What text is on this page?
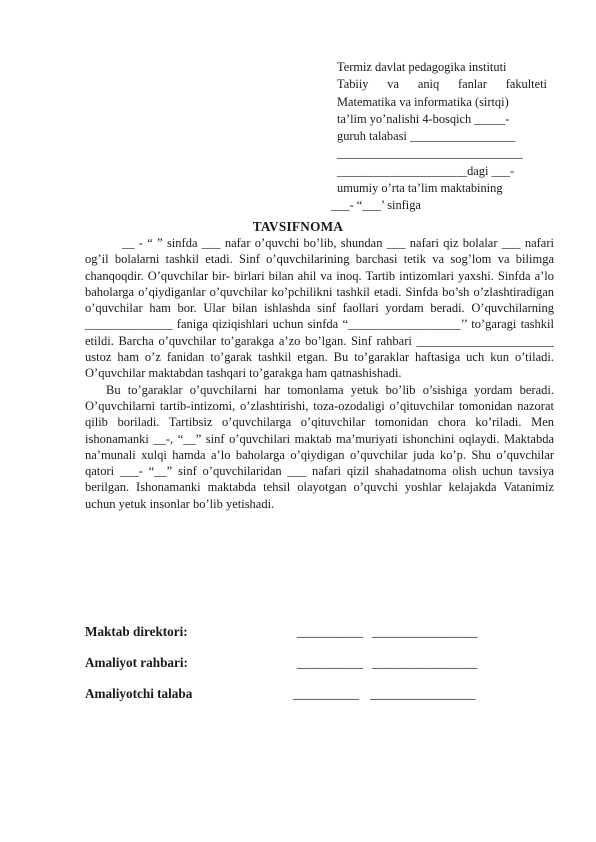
Termiz davlat pedagogika instituti
Tabiiy va aniq fanlar fakulteti
Matematika va informatika (sirtqi)
ta’lim yo’nalishi 4-bosqich _____-
guruh talabasi _________________
______________________________
_____________________dagi ___-
umumiy o’rta ta’lim maktabining
___- “___’ sinfiga
TAVSIFNOMA

__ - “ ” sinfda ___ nafar o’quvchi bo’lib, shundan ___ nafari qiz bolalar ___ nafari og’il bolalarni tashkil etadi. Sinf o’quvchilarining barchasi tetik va sog’lom va bilimga chanqoqdir. O’quvchilar bir- birlari bilan ahil va inoq. Tartib intizomlari yaxshi. Sinfda a’lo baholarga o’qiydiganlar o’quvchilar ko’pchilikni tashkil etadi. Sinfda bo’sh o’zlashtiradigan o’quvchilar ham bor. Ular bilan ishlashda sinf faollari yordam beradi. O’quvchilarning ______________ faniga qiziqishlari uchun sinfda “__________________’’ to’garagi tashkil etildi. Barcha o’quvchilar to’garakga a’zo bo’lgan. Sinf rahbari ______________________ ustoz ham o’z fanidan to’garak tashkil etgan. Bu to’garaklar haftasiga uch kun o’tiladi. O’quvchilar maktabdan tashqari to’garakga ham qatnashishadi.

Bu to’garaklar o’quvchilarni har tomonlama yetuk bo’lib o’sishiga yordam beradi. O’quvchilarni tartib-intizomi, o’zlashtirishi, toza-ozodaligi o’qituvchilar tomonidan nazorat qilib boriladi. Tartibsiz o’quvchilarga o’qituvchilar tomonidan chora ko’riladi. Men ishonamanki __-, “__” sinf o’quvchilari maktab ma’muriyati ishonchini oqlaydi. Maktabda na’munali xulqi hamda a’lo baholarga o’qiydigan o’quvchilar juda ko’p. Shu o’quvchilar qatori ___- “__” sinf o’quvchilaridan ___ nafari qizil shahadatnoma olish uchun tavsiya berilgan. Ishonamanki maktabda tehsil olayotgan o’quvchi yoshlar kelajakda Vatanimiz uchun yetuk insonlar bo’lib yetishadi.

Maktab direktori:	__________ ________________
Amaliyot rahbari:	__________ ________________
Amaliyotchi talaba	__________ ________________
